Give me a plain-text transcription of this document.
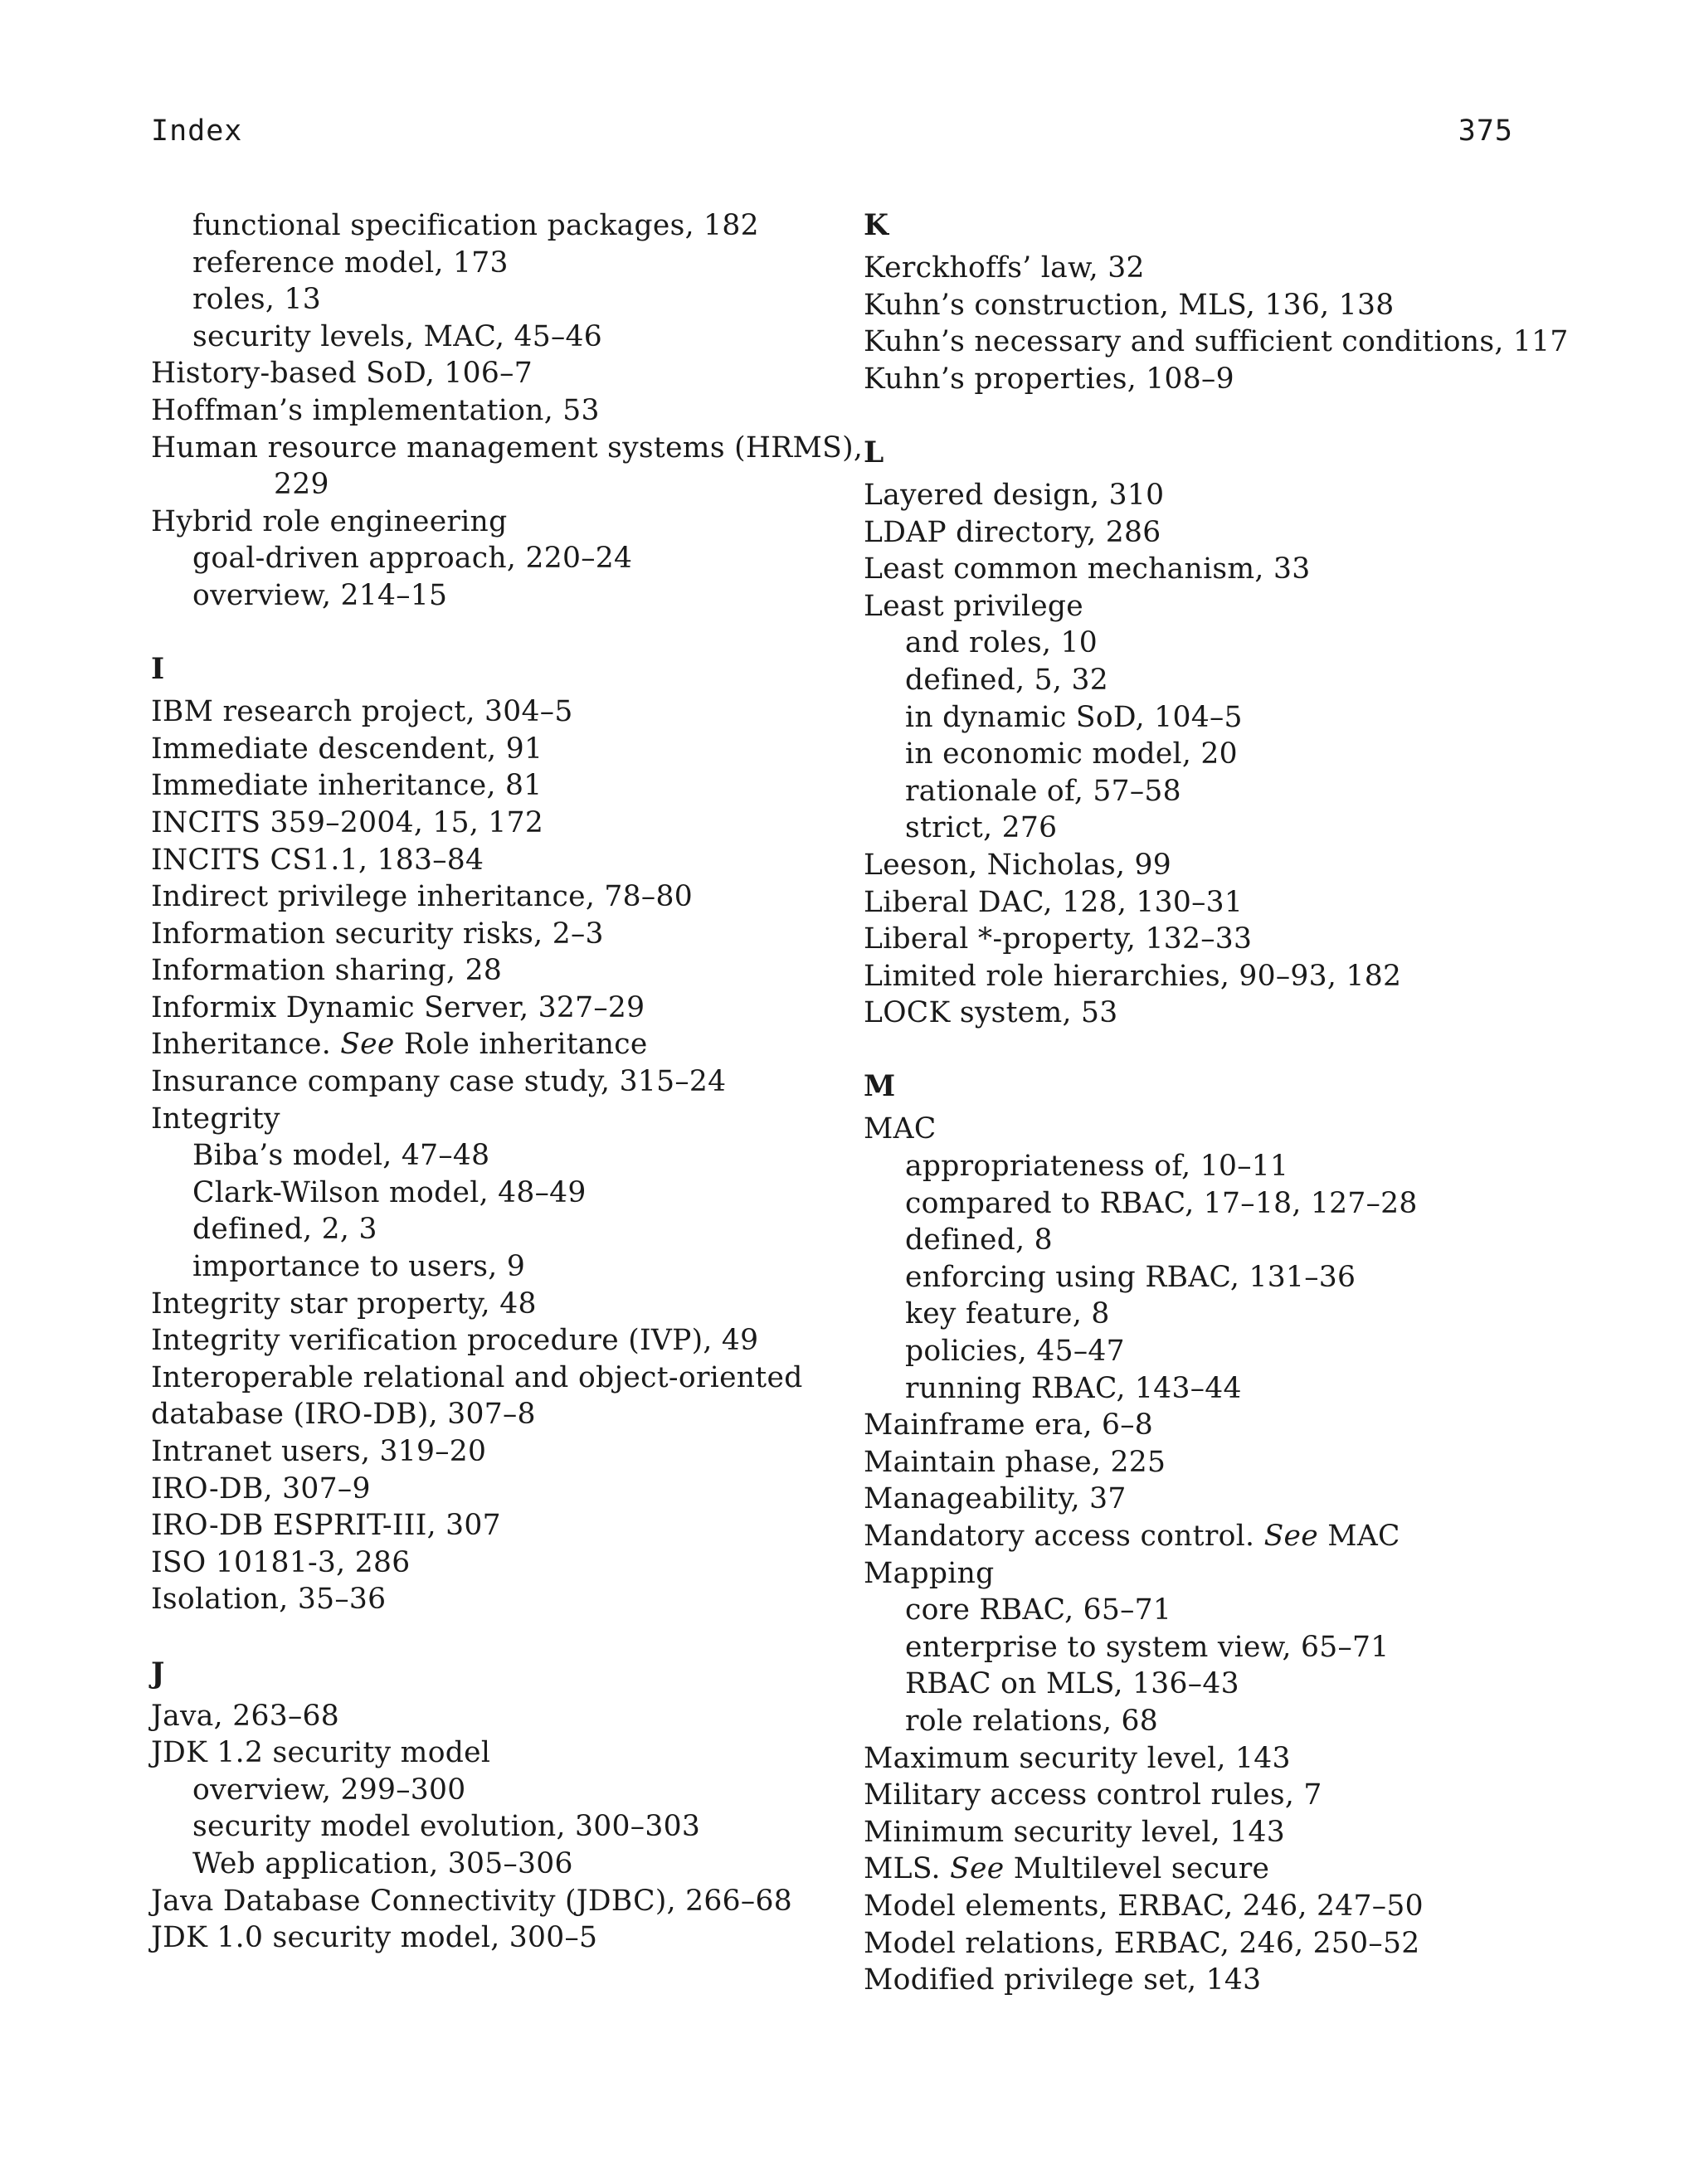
Index	375
functional specification packages, 182
reference model, 173
roles, 13
security levels, MAC, 45–46
History-based SoD, 106–7
Hoffman’s implementation, 53
Human resource management systems (HRMS),
229
Hybrid role engineering
goal-driven approach, 220–24
overview, 214–15
I
IBM research project, 304–5
Immediate descendent, 91
Immediate inheritance, 81
INCITS 359–2004, 15, 172
INCITS CS1.1, 183–84
Indirect privilege inheritance, 78–80
Information security risks, 2–3
Information sharing, 28
Informix Dynamic Server, 327–29
Inheritance. See Role inheritance
Insurance company case study, 315–24
Integrity
Biba’s model, 47–48
Clark-Wilson model, 48–49
defined, 2, 3
importance to users, 9
Integrity star property, 48
Integrity verification procedure (IVP), 49
Interoperable relational and object-oriented
database (IRO-DB), 307–8
Intranet users, 319–20
IRO-DB, 307–9
IRO-DB ESPRIT-III, 307
ISO 10181-3, 286
Isolation, 35–36
J
Java, 263–68
JDK 1.2 security model
overview, 299–300
security model evolution, 300–303
Web application, 305–306
Java Database Connectivity (JDBC), 266–68
JDK 1.0 security model, 300–5
K
Kerckhoffs’ law, 32
Kuhn’s construction, MLS, 136, 138
Kuhn’s necessary and sufficient conditions, 117
Kuhn’s properties, 108–9
L
Layered design, 310
LDAP directory, 286
Least common mechanism, 33
Least privilege
and roles, 10
defined, 5, 32
in dynamic SoD, 104–5
in economic model, 20
rationale of, 57–58
strict, 276
Leeson, Nicholas, 99
Liberal DAC, 128, 130–31
Liberal *-property, 132–33
Limited role hierarchies, 90–93, 182
LOCK system, 53
M
MAC
appropriateness of, 10–11
compared to RBAC, 17–18, 127–28
defined, 8
enforcing using RBAC, 131–36
key feature, 8
policies, 45–47
running RBAC, 143–44
Mainframe era, 6–8
Maintain phase, 225
Manageability, 37
Mandatory access control. See MAC
Mapping
core RBAC, 65–71
enterprise to system view, 65–71
RBAC on MLS, 136–43
role relations, 68
Maximum security level, 143
Military access control rules, 7
Minimum security level, 143
MLS. See Multilevel secure
Model elements, ERBAC, 246, 247–50
Model relations, ERBAC, 246, 250–52
Modified privilege set, 143
